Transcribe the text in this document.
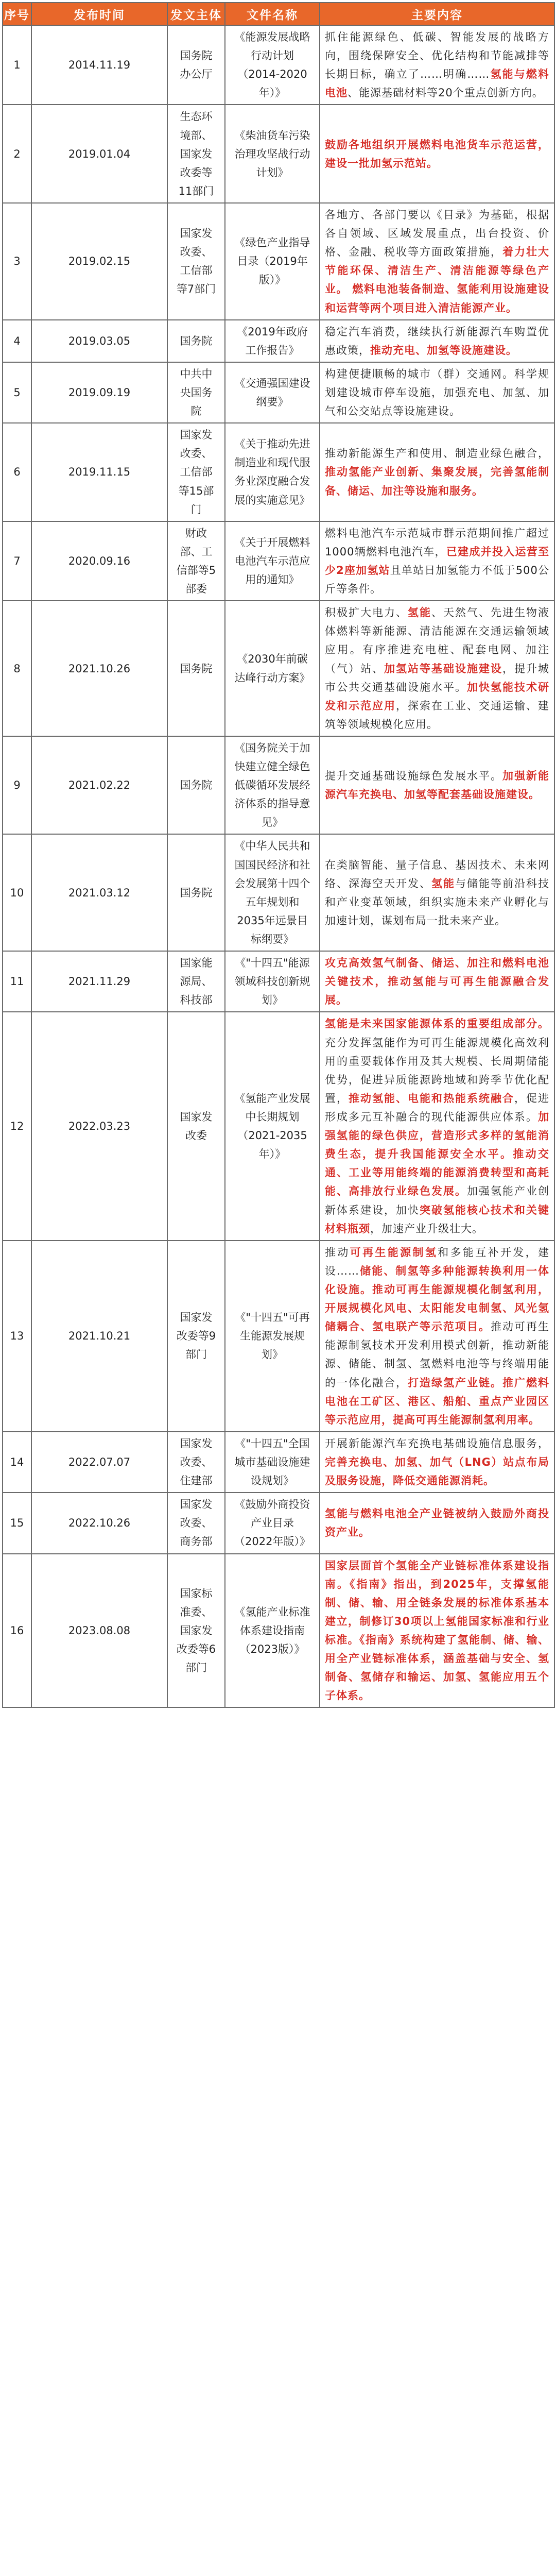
序号	发布时间	发文主体	文件名称	主要内容
1	2014.11.19	国务院办公厅	《能源发展战略行动计划（2014-2020年）》	抓住能源绿色、低碳、智能发展的战略方向，围绕保障安全、优化结构和节能减排等长期目标，确立了……明确……氢能与燃料电池、能源基础材料等20个重点创新方向。
2	2019.01.04	生态环境部、国家发改委等11部门	《柴油货车污染治理攻坚战行动计划》	鼓励各地组织开展燃料电池货车示范运营，建设一批加氢示范站。
3	2019.02.15	国家发改委、工信部等7部门	《绿色产业指导目录（2019年版）》	各地方、各部门要以《目录》为基础，根据各自领域、区域发展重点，出台投资、价格、金融、税收等方面政策措施，着力壮大节能环保、清洁生产、清洁能源等绿色产业。 燃料电池装备制造、氢能利用设施建设和运营等两个项目进入清洁能源产业。
4	2019.03.05	国务院	《2019年政府工作报告》	稳定汽车消费，继续执行新能源汽车购置优惠政策，推动充电、加氢等设施建设。
5	2019.09.19	中共中央国务院	《交通强国建设纲要》	构建便捷顺畅的城市（群）交通网。科学规划建设城市停车设施，加强充电、加氢、加气和公交站点等设施建设。
6	2019.11.15	国家发改委、工信部等15部门	《关于推动先进制造业和现代服务业深度融合发展的实施意见》	推动新能源生产和使用、制造业绿色融合，推动氢能产业创新、集聚发展，完善氢能制备、储运、加注等设施和服务。
7	2020.09.16	财政部、工信部等5部委	《关于开展燃料电池汽车示范应用的通知》	燃料电池汽车示范城市群示范期间推广超过1000辆燃料电池汽车，已建成并投入运营至少2座加氢站且单站日加氢能力不低于500公斤等条件。
8	2021.10.26	国务院	《2030年前碳达峰行动方案》	积极扩大电力、氢能、天然气、先进生物液体燃料等新能源、清洁能源在交通运输领域应用。有序推进充电桩、配套电网、加注（气）站、加氢站等基础设施建设，提升城市公共交通基础设施水平。加快氢能技术研发和示范应用，探索在工业、交通运输、建筑等领域规模化应用。
9	2021.02.22	国务院	《国务院关于加快建立健全绿色低碳循环发展经济体系的指导意见》	提升交通基础设施绿色发展水平。加强新能源汽车充换电、加氢等配套基础设施建设。
10	2021.03.12	国务院	《中华人民共和国国民经济和社会发展第十四个五年规划和2035年远景目标纲要》	在类脑智能、量子信息、基因技术、未来网络、深海空天开发、氢能与储能等前沿科技和产业变革领域，组织实施未来产业孵化与加速计划，谋划布局一批未来产业。
11	2021.11.29	国家能源局、科技部	《"十四五"能源领域科技创新规划》	攻克高效氢气制备、储运、加注和燃料电池关键技术，推动氢能与可再生能源融合发展。
12	2022.03.23	国家发改委	《氢能产业发展中长期规划（2021-2035年）》	氢能是未来国家能源体系的重要组成部分。充分发挥氢能作为可再生能源规模化高效利用的重要载体作用及其大规模、长周期储能优势，促进异质能源跨地域和跨季节优化配置，推动氢能、电能和热能系统融合，促进形成多元互补融合的现代能源供应体系。加强氢能的绿色供应，营造形式多样的氢能消费生态，提升我国能源安全水平。推动交通、工业等用能终端的能源消费转型和高耗能、高排放行业绿色发展。加强氢能产业创新体系建设，加快突破氢能核心技术和关键材料瓶颈，加速产业升级壮大。
13	2021.10.21	国家发改委等9部门	《"十四五"可再生能源发展规划》	推动可再生能源制氢和多能互补开发，建设……储能、制氢等多种能源转换利用一体化设施。推动可再生能源规模化制氢利用，开展规模化风电、太阳能发电制氢、风光氢储耦合、氢电联产等示范项目。推动可再生能源制氢技术开发利用模式创新，推动新能源、储能、制氢、氢燃料电池等与终端用能的一体化融合，打造绿氢产业链。推广燃料电池在工矿区、港区、船舶、重点产业园区等示范应用，提高可再生能源制氢利用率。
14	2022.07.07	国家发改委、住建部	《"十四五"全国城市基础设施建设规划》	开展新能源汽车充换电基础设施信息服务，完善充换电、加氢、加气（LNG）站点布局及服务设施，降低交通能源消耗。
15	2022.10.26	国家发改委、商务部	《鼓励外商投资产业目录（2022年版）》	氢能与燃料电池全产业链被纳入鼓励外商投资产业。
16	2023.08.08	国家标准委、国家发改委等6部门	《氢能产业标准体系建设指南（2023版）》	国家层面首个氢能全产业链标准体系建设指南。《指南》指出，到2025年，支撑氢能制、储、输、用全链条发展的标准体系基本建立，制修订30项以上氢能国家标准和行业标准。《指南》系统构建了氢能制、储、输、用全产业链标准体系，涵盖基础与安全、氢制备、氢储存和输运、加氢、氢能应用五个子体系。
